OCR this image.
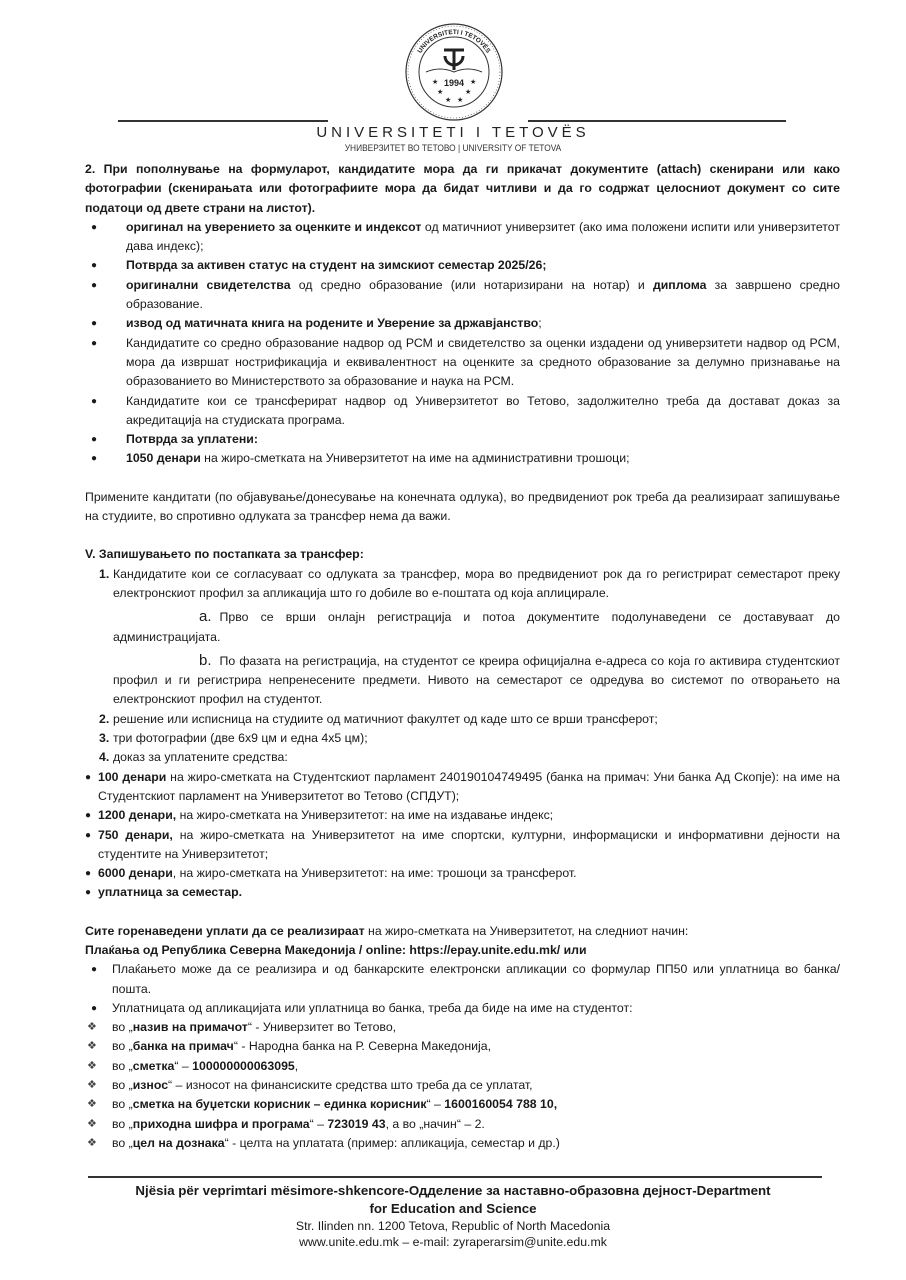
1994
★	★
★	★
★ ★
UNIVERSITETI I TETOVËS
UNIVERSITETI I TETOVËS
УНИВЕРЗИТЕТ ВО ТЕТОВО | UNIVERSITY OF TETOVA

2. При пополнување на формуларот, кандидатите мора да ги прикачат документите (attach) скенирани или како фотографии (скенирањата или фотографиите мора да бидат читливи и да го содржат целосниот документ со сите податоци од двете страни на листот).

● оригинал на уверението за оценките и индексот од матичниот универзитет (ако има положени испити или универзитетот дава индекс);
● Потврда за активен статус на студент на зимскиот семестар 2025/26;
● оригинални свидетелства од средно образование (или нотаризирани на нотар) и диплома за завршено средно образование.
● извод од матичната книга на родените и Уверение за државјанство;
● Кандидатите со средно образование надвор од РСМ и свидетелство за оценки издадени од универзитети надвор од РСМ, мора да извршат нострификација и еквивалентност на оценките за средното образование за делумно признавање на образованието во Министерството за образование и наука на РСМ.
● Кандидатите кои се трансферират надвор од Универзитетот во Тетово, задолжително треба да достават доказ за акредитација на студиската програма.
● Потврда за уплатени:
● 1050 денари на жиро-сметката на Универзитетот на име на административни трошоци;

Примените кандитати (по објавување/донесување на конечната одлука), во предвидениот рок треба да реализираат запишување на студиите, во спротивно одлуката за трансфер нема да важи.

V. Запишувањето по постапката за трансфер:

1. Кандидатите кои се согласуваат со одлуката за трансфер, мора во предвидениот рок да го регистрират семестарот преку електронскиот профил за апликација што го добиле во е-поштата од која аплицирале.
a. Прво се врши онлајн регистрација и потоа документите подолунаведени се доставуваат до администрацијата.
b. По фазата на регистрација, на студентот се креира официјална е-адреса со која го активира студентскиот профил и ги регистрира непренесените предмети. Нивото на семестарот се одредува во системот по отворањето на електронскиот профил на студентот.
2. решение или исписница на студиите од матичниот факултет од каде што се врши трансферот;
3. три фотографии (две 6x9 цм и една 4x5 цм);
4. доказ за уплатените средства:
● 100 денари на жиро-сметката на Студентскиот парламент 240190104749495 (банка на примач: Уни банка Ад Скопје): на име на Студентскиот парламент на Универзитетот во Тетово (СПДУТ);
● 1200 денари, на жиро-сметката на Универзитетот: на име на издавање индекс;
● 750 денари, на жиро-сметката на Универзитетот на име спортски, културни, информациски и информативни дејности на студентите на Универзитетот;
● 6000 денари, на жиро-сметката на Универзитетот: на име: трошоци за трансферот.
● уплатница за семестар.

Сите горенаведени уплати да се реализираат на жиро-сметката на Универзитетот, на следниот начин:

Плаќања од Република Северна Македонија / online: https://epay.unite.edu.mk/ или

● Плаќањето може да се реализира и од банкарските електронски апликации со формулар ПП50 или уплатница во банка/пошта.
● Уплатницата од апликацијата или уплатница во банка, треба да биде на име на студентот:
❖ во „назив на примачот“ - Универзитет во Тетово,
❖ во „банка на примач“ - Народна банка на Р. Северна Македонија,
❖ во „сметка“ – 100000000063095,
❖ во „износ“ – износот на финансиските средства што треба да се уплатат,
❖ во „сметка на буџетски корисник – единка корисник“ – 1600160054 788 10,
❖ во „приходна шифра и програма“ – 723019 43, а во „начин“ – 2.
❖ во „цел на дознака“ - целта на уплатата (пример: апликација, семестар и др.)
Njësia për veprimtari mësimore-shkencore-Одделение за наставно-образовна дејност-Department
for Education and Science
Str. Ilinden nn. 1200 Tetova, Republic of North Macedonia
www.unite.edu.mk – e-mail: zyraperarsim@unite.edu.mk
